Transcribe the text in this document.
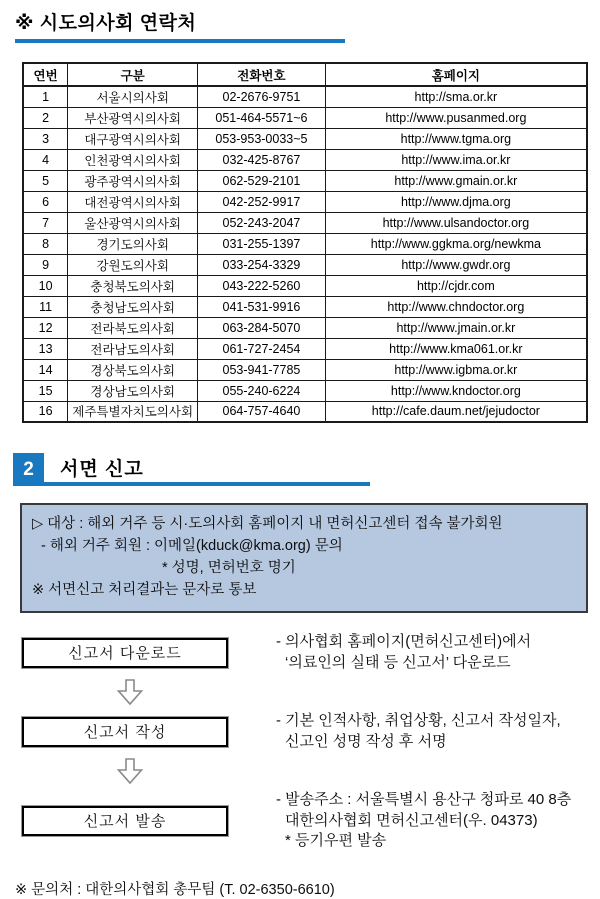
※ 시도의사회 연락처
연번	구분	전화번호	홈페이지
1	서울시의사회	02-2676-9751	http://sma.or.kr
2	부산광역시의사회	051-464-5571~6	http://www.pusanmed.org
3	대구광역시의사회	053-953-0033~5	http://www.tgma.org
4	인천광역시의사회	032-425-8767	http://www.ima.or.kr
5	광주광역시의사회	062-529-2101	http://www.gmain.or.kr
6	대전광역시의사회	042-252-9917	http://www.djma.org
7	울산광역시의사회	052-243-2047	http://www.ulsandoctor.org
8	경기도의사회	031-255-1397	http://www.ggkma.org/newkma
9	강원도의사회	033-254-3329	http://www.gwdr.org
10	충청북도의사회	043-222-5260	http://cjdr.com
11	충청남도의사회	041-531-9916	http://www.chndoctor.org
12	전라북도의사회	063-284-5070	http://www.jmain.or.kr
13	전라남도의사회	061-727-2454	http://www.kma061.or.kr
14	경상북도의사회	053-941-7785	http://www.igbma.or.kr
15	경상남도의사회	055-240-6224	http://www.kndoctor.org
16	제주특별자치도의사회	064-757-4640	http://cafe.daum.net/jejudoctor
2	서면 신고
▷ 대상 : 해외 거주 등 시·도의사회 홈페이지 내 면허신고센터 접속 불가회원
- 해외 거주 회원 : 이메일(kduck@kma.org) 문의
* 성명, 면허번호 명기
※ 서면신고 처리결과는 문자로 통보
신고서 다운로드
- 의사협회 홈페이지(면허신고센터)에서
‘의료인의 실태 등 신고서’ 다운로드
신고서 작성
- 기본 인적사항, 취업상황, 신고서 작성일자,
신고인 성명 작성 후 서명
신고서 발송
- 발송주소 : 서울특별시 용산구 청파로 40 8층
대한의사협회 면허신고센터(우. 04373)
* 등기우편 발송
※ 문의처 : 대한의사협회 총무팀 (T. 02-6350-6610)
